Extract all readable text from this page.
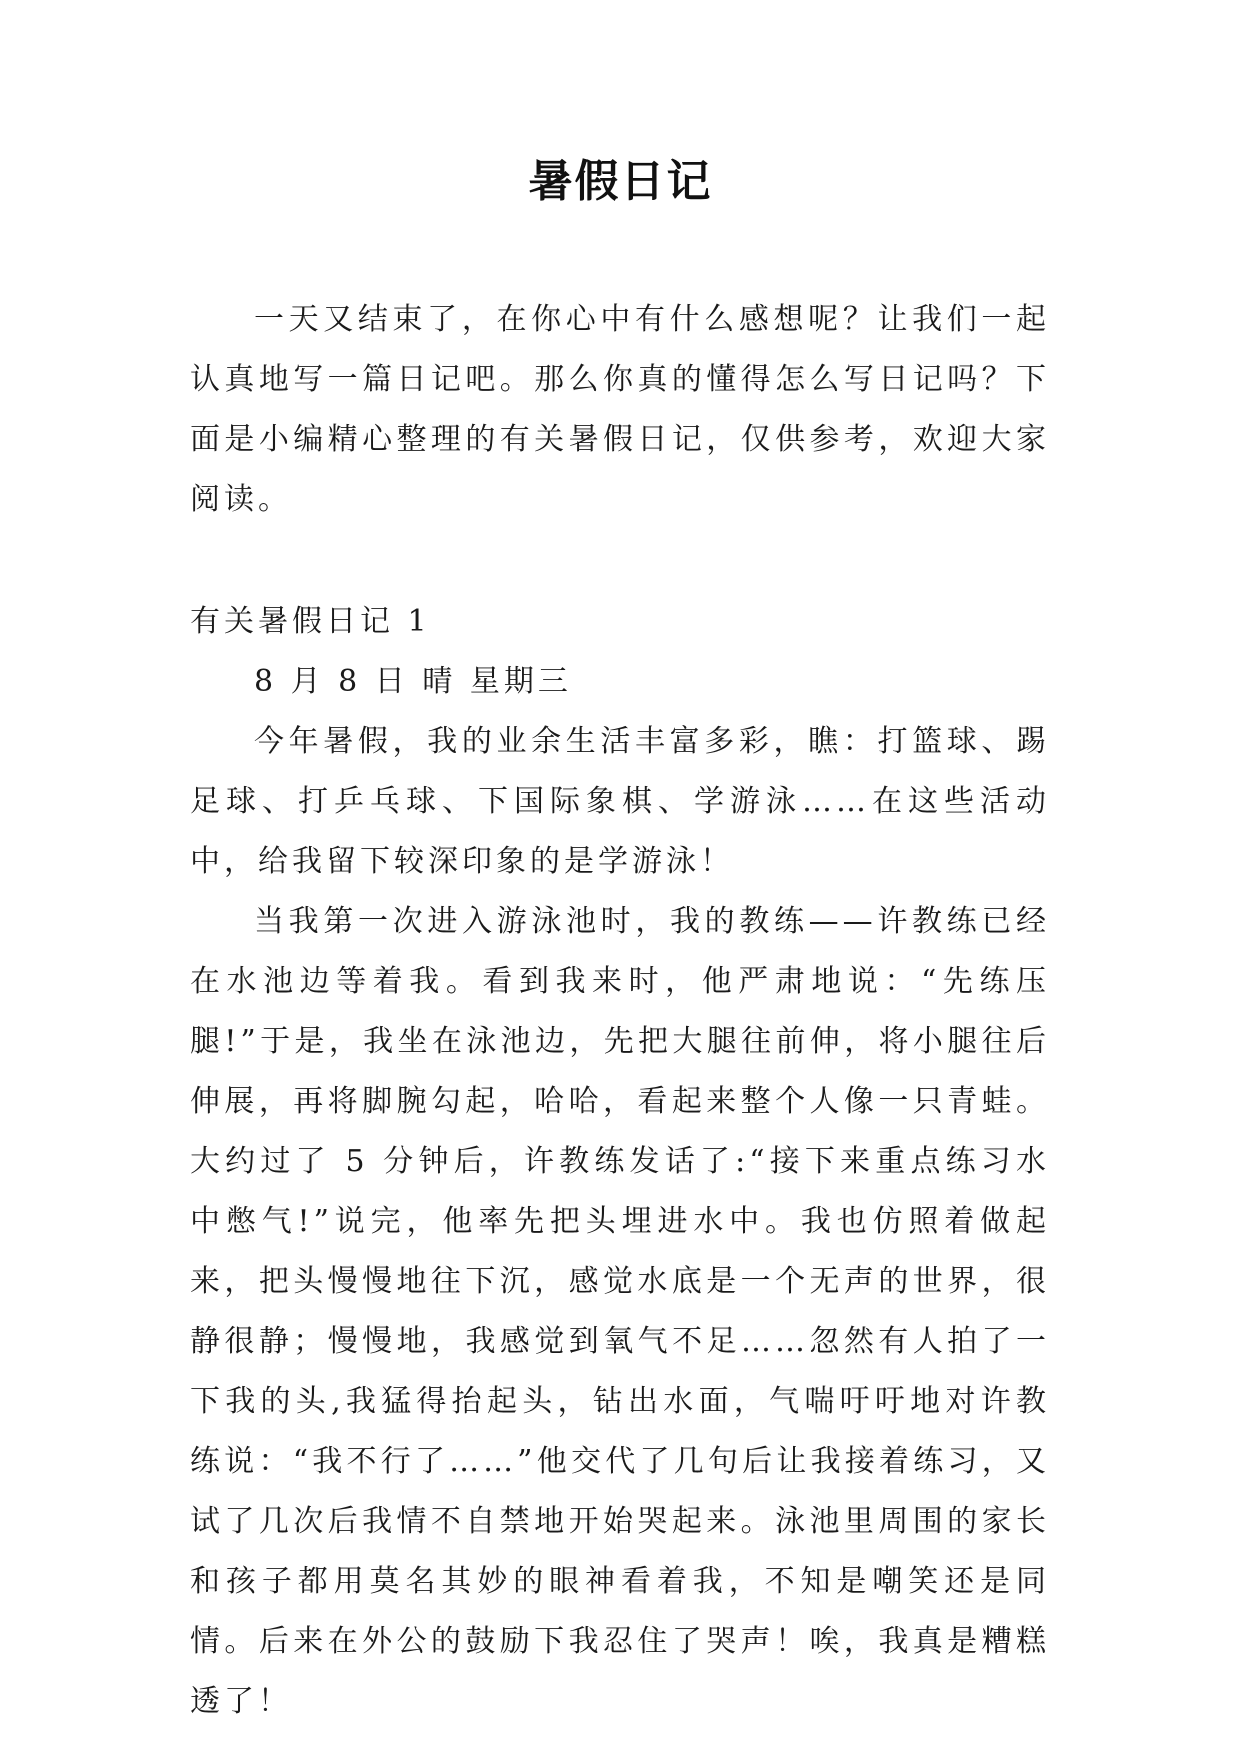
暑假日记

一天又结束了，在你心中有什么感想呢？让我们一起认真地写一篇日记吧。那么你真的懂得怎么写日记吗？下面是小编精心整理的有关暑假日记，仅供参考，欢迎大家阅读。

有关暑假日记 1

8 月 8 日 晴 星期三

今年暑假，我的业余生活丰富多彩，瞧：打篮球、踢足球、打乒乓球、下国际象棋、学游泳……在这些活动中，给我留下较深印象的是学游泳！

当我第一次进入游泳池时，我的教练——许教练已经在水池边等着我。看到我来时，他严肃地说：“先练压腿!”于是，我坐在泳池边，先把大腿往前伸，将小腿往后伸展，再将脚腕勾起，哈哈，看起来整个人像一只青蛙。大约过了 5 分钟后，许教练发话了:“接下来重点练习水中憋气!”说完，他率先把头埋进水中。我也仿照着做起来，把头慢慢地往下沉，感觉水底是一个无声的世界，很静很静；慢慢地，我感觉到氧气不足……忽然有人拍了一下我的头,我猛得抬起头，钻出水面，气喘吁吁地对许教练说：“我不行了……”他交代了几句后让我接着练习，又试了几次后我情不自禁地开始哭起来。泳池里周围的家长和孩子都用莫名其妙的眼神看着我，不知是嘲笑还是同情。后来在外公的鼓励下我忍住了哭声！唉，我真是糟糕透了！
